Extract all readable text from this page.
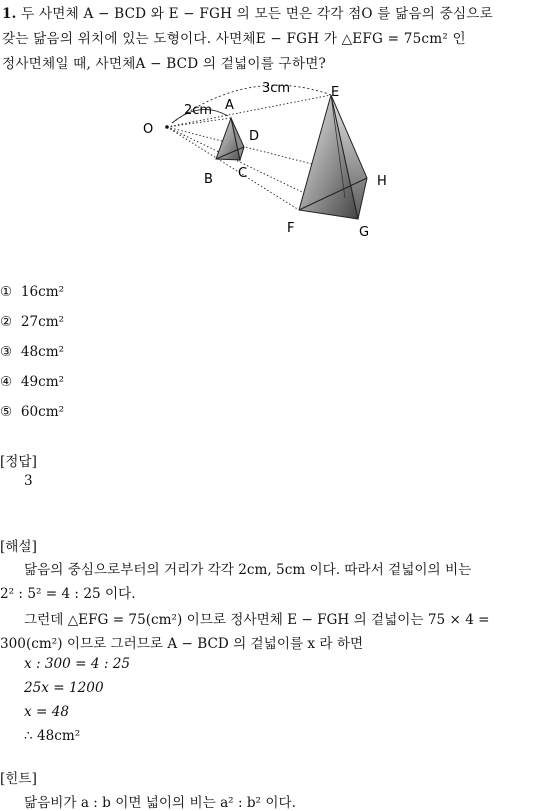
1. 두 사면체 A − BCD 와 E − FGH 의 모든 면은 각각 점O 를 닮음의 중심으로
갖는 닮음의 위치에 있는 도형이다. 사면체E − FGH 가 △EFG = 75cm² 인
정사면체일 때, 사면체A − BCD 의 겉넓이를 구하면?
O
A
B C
D
E
F	G
H
2cm
3cm
① 16cm²
② 27cm²
③ 48cm²
④ 49cm²
⑤ 60cm²
[정답]
3
[해설]
닮음의 중심으로부터의 거리가 각각 2cm, 5cm 이다. 따라서 겉넓이의 비는
2² : 5² = 4 : 25 이다.
그런데 △EFG = 75(cm²) 이므로 정사면체 E − FGH 의 겉넓이는 75 × 4 =
300(cm²) 이므로 그러므로 A − BCD 의 겉넓이를 x 라 하면
x : 300 = 4 : 25
25x = 1200
x = 48
∴ 48cm²
[힌트]
닮음비가 a : b 이면 넓이의 비는 a² : b² 이다.
